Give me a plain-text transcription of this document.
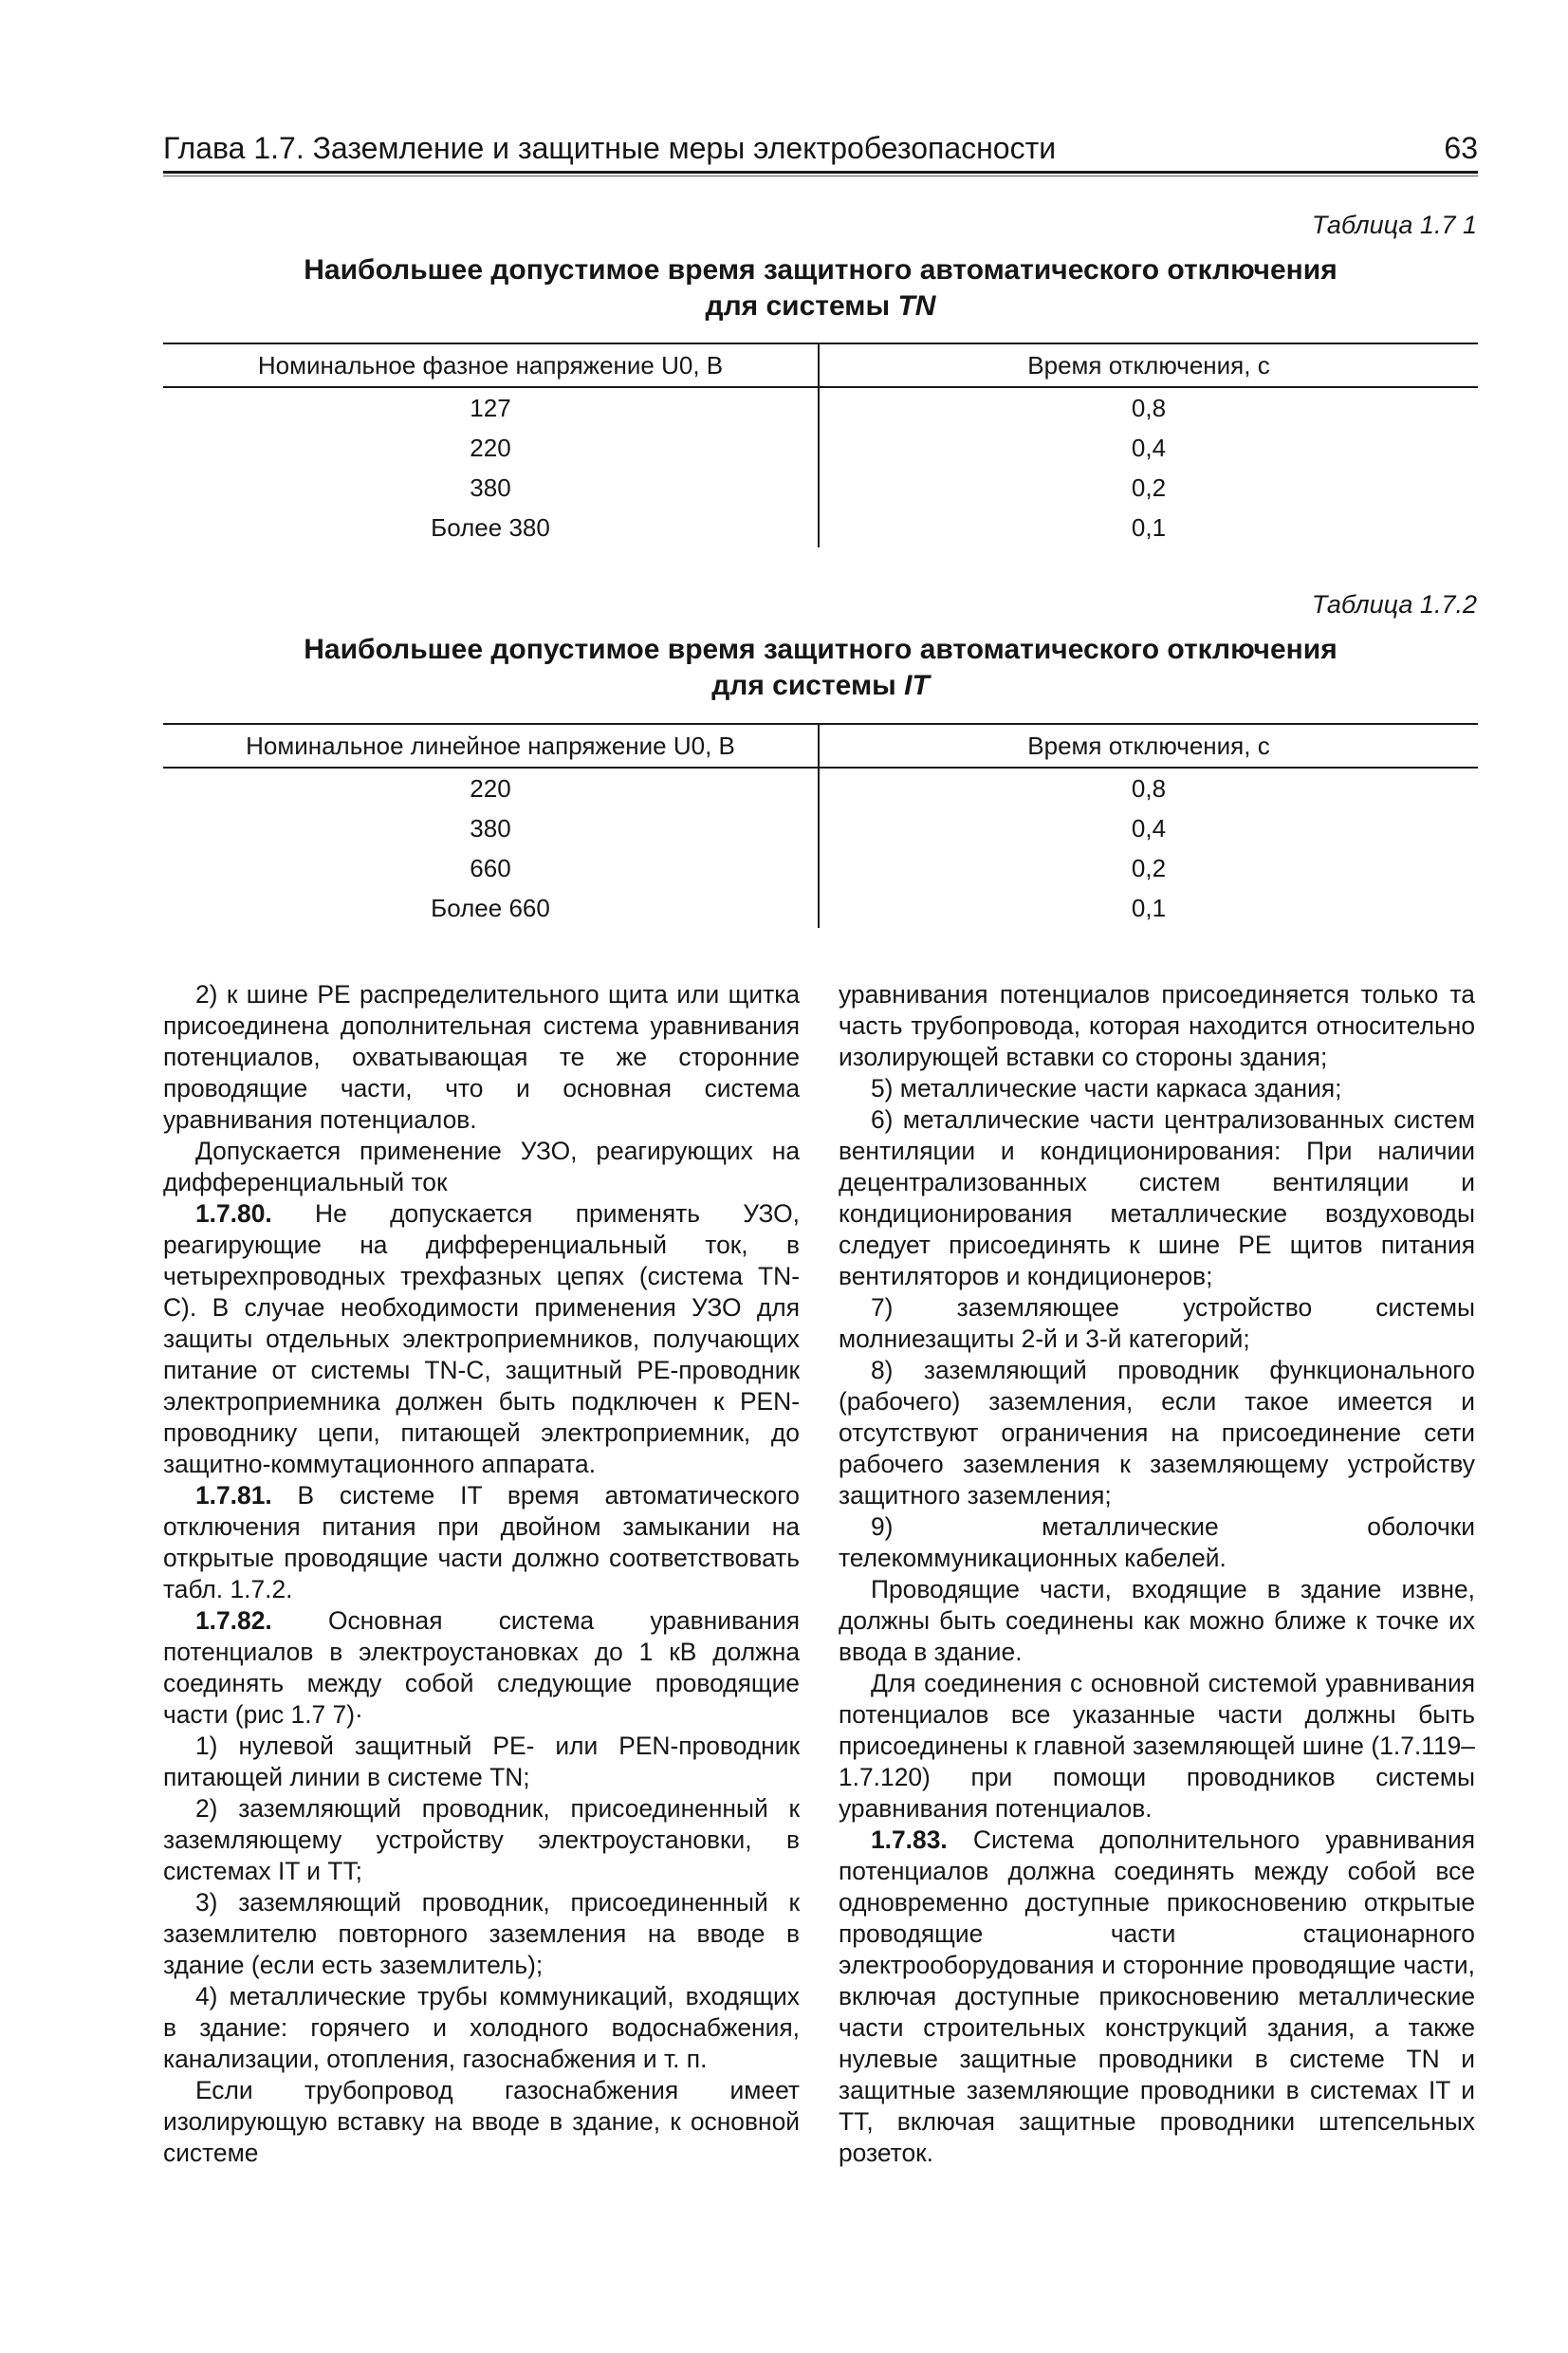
Глава 1.7. Заземление и защитные меры электробезопасности	63
Таблица 1.7 1
Наибольшее допустимое время защитного автоматического отключения
для системы TN
Номинальное фазное напряжение U0, В	Время отключения, с
127	0,8
220	0,4
380	0,2
Более 380	0,1
Таблица 1.7.2
Наибольшее допустимое время защитного автоматического отключения
для системы IT
Номинальное линейное напряжение U0, В	Время отключения, с
220	0,8
380	0,4
660	0,2
Более 660	0,1

2) к шине PE распределительного щита или щитка присоединена дополнительная система уравнивания потенциалов, охватывающая те же сторонние проводящие части, что и основная система уравнивания потенциалов.

Допускается применение УЗО, реагирующих на дифференциальный ток

1.7.80. Не допускается применять УЗО, реагирующие на дифференциальный ток, в четырехпроводных трехфазных цепях (система TN-C). В случае необходимости применения УЗО для защиты отдельных электроприемников, получающих питание от системы TN-C, защитный PE-проводник электроприемника должен быть подключен к PEN-проводнику цепи, питающей электроприемник, до защитно-коммутационного аппарата.

1.7.81. В системе IT время автоматического отключения питания при двойном замыкании на открытые проводящие части должно соответствовать табл. 1.7.2.

1.7.82. Основная система уравнивания потенциалов в электроустановках до 1 кВ должна соединять между собой следующие проводящие части (рис 1.7 7)·

1) нулевой защитный PE- или PEN-проводник питающей линии в системе TN;

2) заземляющий проводник, присоединенный к заземляющему устройству электроустановки, в системах IT и TT;

3) заземляющий проводник, присоединенный к заземлителю повторного заземления на вводе в здание (если есть заземлитель);

4) металлические трубы коммуникаций, входящих в здание: горячего и холодного водоснабжения, канализации, отопления, газоснабжения и т. п.

Если трубопровод газоснабжения имеет изолирующую вставку на вводе в здание, к основной системе

уравнивания потенциалов присоединяется только та часть трубопровода, которая находится относительно изолирующей вставки со стороны здания;

5) металлические части каркаса здания;

6) металлические части централизованных систем вентиляции и кондиционирования: При наличии децентрализованных систем вентиляции и кондиционирования металлические воздуховоды следует присоединять к шине PE щитов питания вентиляторов и кондиционеров;

7) заземляющее устройство системы молниезащиты 2-й и 3-й категорий;

8) заземляющий проводник функционального (рабочего) заземления, если такое имеется и отсутствуют ограничения на присоединение сети рабочего заземления к заземляющему устройству защитного заземления;

9) металлические оболочки телекоммуникационных кабелей.

Проводящие части, входящие в здание извне, должны быть соединены как можно ближе к точке их ввода в здание.

Для соединения с основной системой уравнивания потенциалов все указанные части должны быть присоединены к главной заземляющей шине (1.7.119–1.7.120) при помощи проводников системы уравнивания потенциалов.

1.7.83. Система дополнительного уравнивания потенциалов должна соединять между собой все одновременно доступные прикосновению открытые проводящие части стационарного электрооборудования и сторонние проводящие части, включая доступные прикосновению металлические части строительных конструкций здания, а также нулевые защитные проводники в системе TN и защитные заземляющие проводники в системах IT и TT, включая защитные проводники штепсельных розеток.
